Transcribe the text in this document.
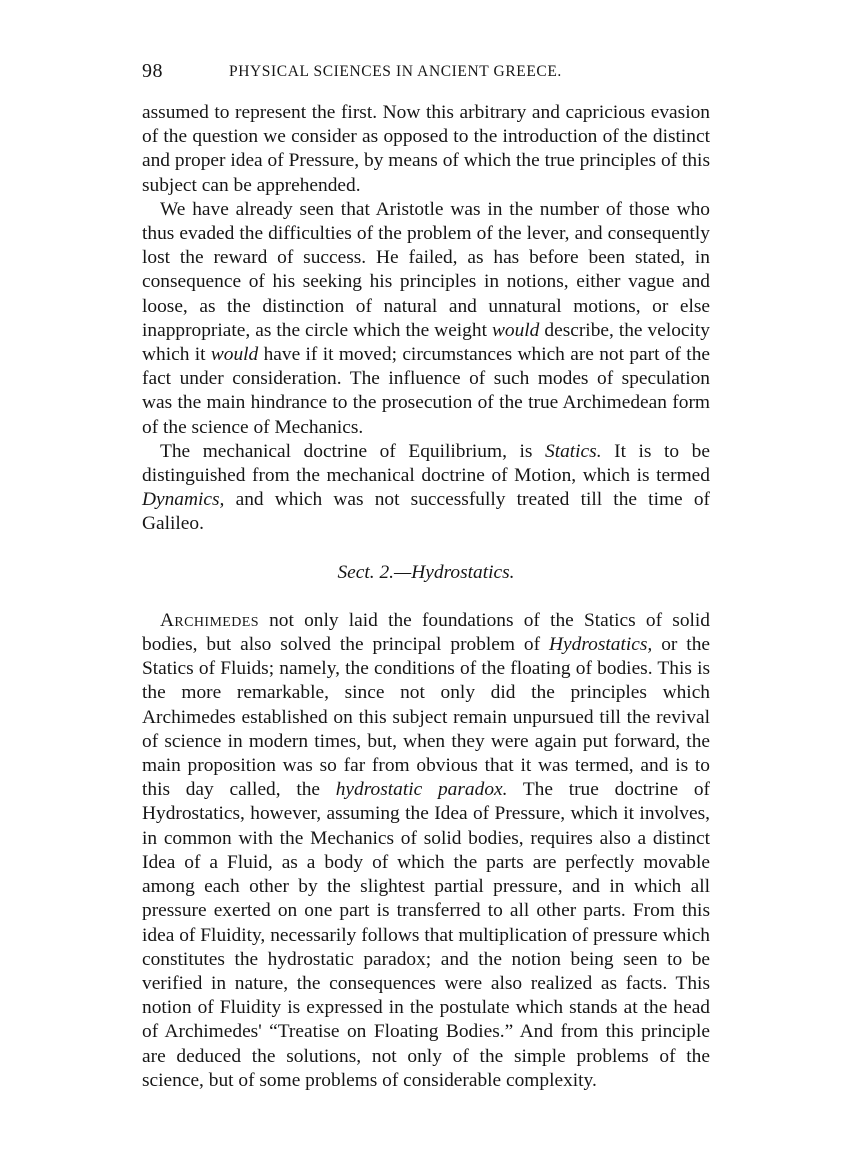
98	PHYSICAL SCIENCES IN ANCIENT GREECE.

assumed to represent the first. Now this arbitrary and capricious evasion of the question we consider as opposed to the introduction of the distinct and proper idea of Pressure, by means of which the true principles of this subject can be apprehended.

We have already seen that Aristotle was in the number of those who thus evaded the difficulties of the problem of the lever, and consequently lost the reward of success. He failed, as has before been stated, in consequence of his seeking his principles in notions, either vague and loose, as the distinction of natural and unnatural motions, or else inappropriate, as the circle which the weight would describe, the velocity which it would have if it moved; circumstances which are not part of the fact under consideration. The influence of such modes of speculation was the main hindrance to the prosecution of the true Archimedean form of the science of Mechanics.

The mechanical doctrine of Equilibrium, is Statics. It is to be distinguished from the mechanical doctrine of Motion, which is termed Dynamics, and which was not successfully treated till the time of Galileo.

Sect. 2.—Hydrostatics.

Archimedes not only laid the foundations of the Statics of solid bodies, but also solved the principal problem of Hydrostatics, or the Statics of Fluids; namely, the conditions of the floating of bodies. This is the more remarkable, since not only did the principles which Archimedes established on this subject remain unpursued till the revival of science in modern times, but, when they were again put forward, the main proposition was so far from obvious that it was termed, and is to this day called, the hydrostatic paradox. The true doctrine of Hydrostatics, however, assuming the Idea of Pressure, which it involves, in common with the Mechanics of solid bodies, requires also a distinct Idea of a Fluid, as a body of which the parts are perfectly movable among each other by the slightest partial pressure, and in which all pressure exerted on one part is transferred to all other parts. From this idea of Fluidity, necessarily follows that multiplication of pressure which constitutes the hydrostatic paradox; and the notion being seen to be verified in nature, the consequences were also realized as facts. This notion of Fluidity is expressed in the postulate which stands at the head of Archimedes' “Treatise on Floating Bodies.” And from this principle are deduced the solutions, not only of the simple problems of the science, but of some problems of considerable complexity.
